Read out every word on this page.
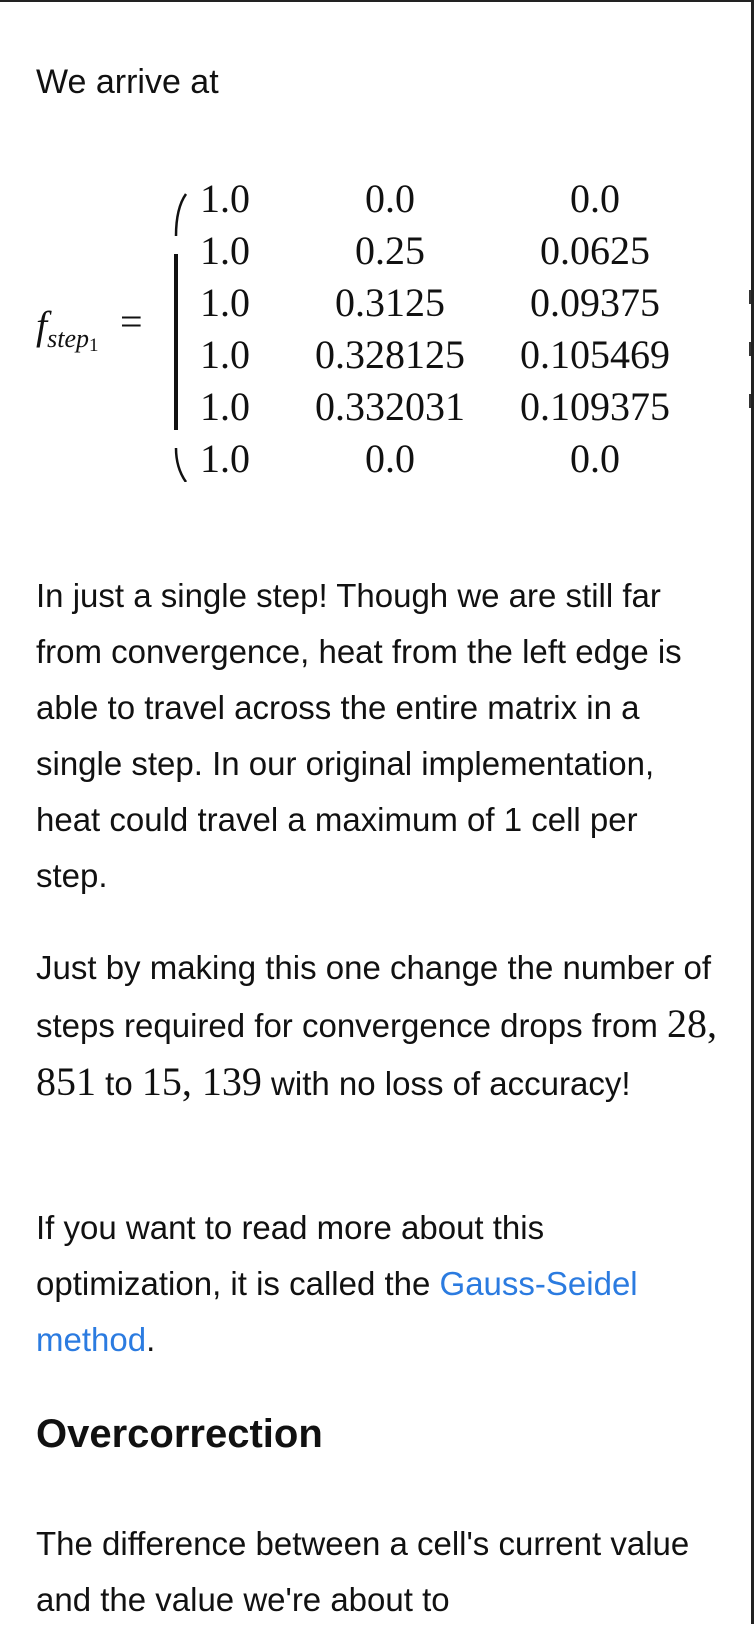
We arrive at

$f_{step1}$
=
1.0	0.0	0.0
1.0	0.25	0.0625
1.0	0.3125	0.09375
1.0	0.328125	0.105469
1.0	0.332031	0.109375
1.0	0.0	0.0

In just a single step! Though we are still far from convergence, heat from the left edge is able to travel across the entire matrix in a single step. In our original implementation, heat could travel a maximum of 1 cell per step.

Just by making this one change the number of steps required for convergence drops from 28, 851 to 15, 139 with no loss of accuracy!

If you want to read more about this optimization, it is called the Gauss-Seidel method.

Overcorrection

The difference between a cell's current value and the value we're about to
